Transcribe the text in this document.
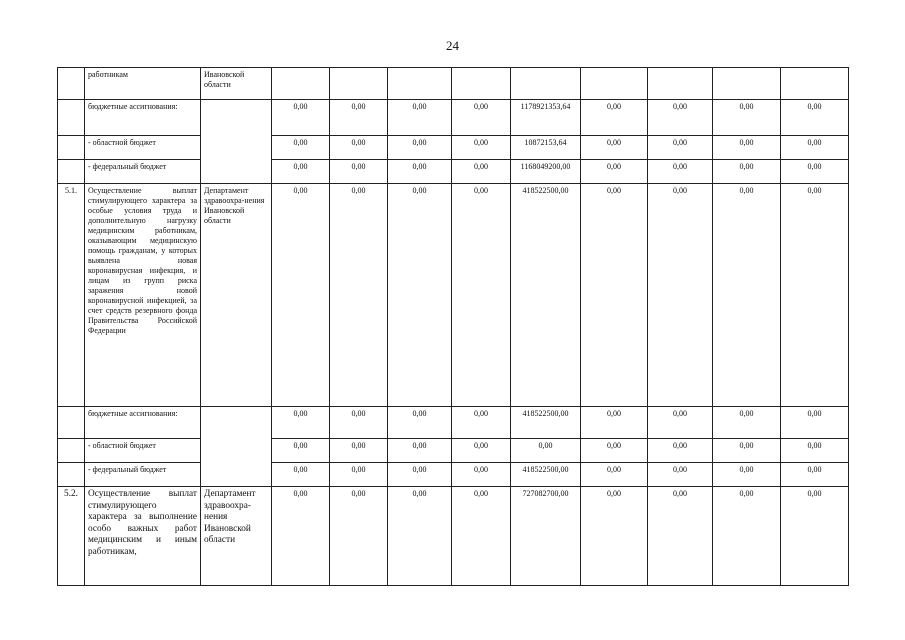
24
	работникам	Ивановской области									
	бюджетные ассигнования:		0,00	0,00	0,00	0,00	1178921353,64	0,00	0,00	0,00	0,00
	- областной бюджет		0,00	0,00	0,00	0,00	10872153,64	0,00	0,00	0,00	0,00
	- федеральный бюджет		0,00	0,00	0,00	0,00	1168049200,00	0,00	0,00	0,00	0,00
5.1.	Осуществление выплат стимулирующего характера за особые условия труда и дополнительную нагрузку медицинским работникам, оказывающим медицинскую помощь гражданам, у которых выявлена новая коронавирусная инфекция, и лицам из групп риска заражения новой коронавирусной инфекцией, за счет средств резервного фонда Правительства Российской Федерации	Департамент здравоохра-нения Ивановской области	0,00	0,00	0,00	0,00	418522500,00	0,00	0,00	0,00	0,00
	бюджетные ассигнования:		0,00	0,00	0,00	0,00	418522500,00	0,00	0,00	0,00	0,00
	- областной бюджет		0,00	0,00	0,00	0,00	0,00	0,00	0,00	0,00	0,00
	- федеральный бюджет		0,00	0,00	0,00	0,00	418522500,00	0,00	0,00	0,00	0,00
5.2.	Осуществление выплат стимулирующего характера за выполнение особо важных работ медицинским и иным работникам,	Департамент здравоохра-нения Ивановской области	0,00	0,00	0,00	0,00	727082700,00	0,00	0,00	0,00	0,00
